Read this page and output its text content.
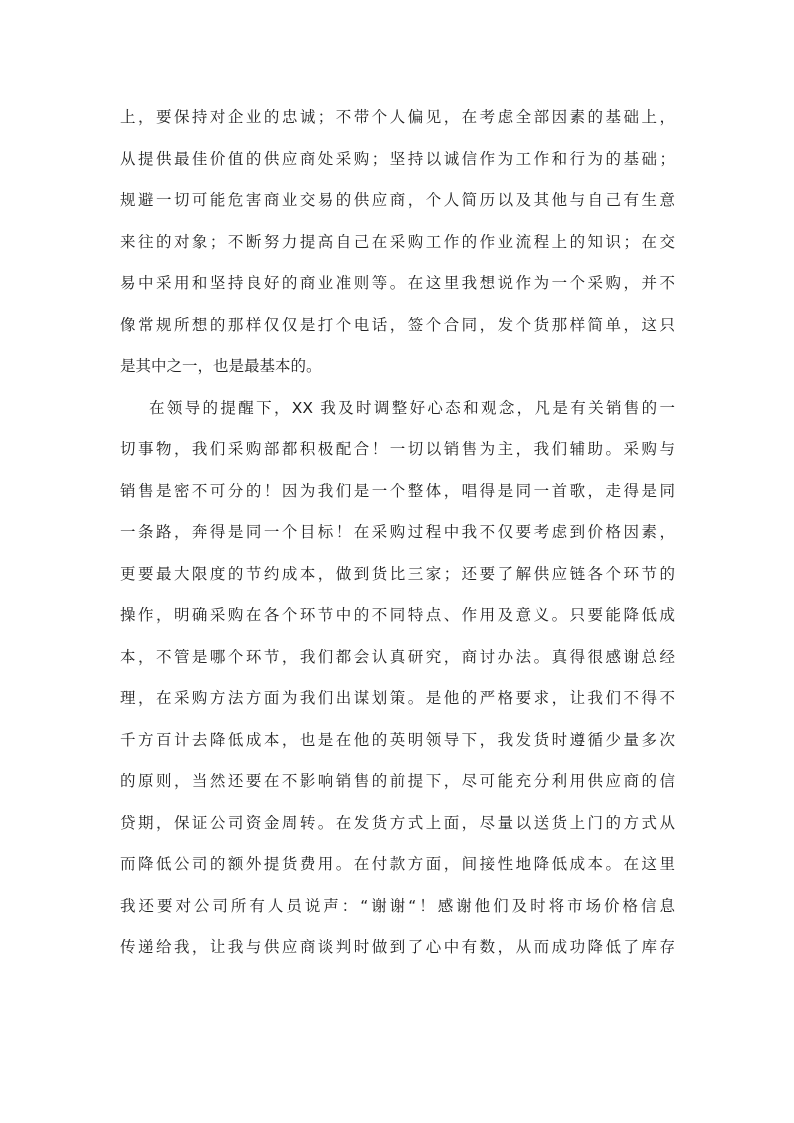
上，要保持对企业的忠诚；不带个人偏见，在考虑全部因素的基础上，
从提供最佳价值的供应商处采购；坚持以诚信作为工作和行为的基础；
规避一切可能危害商业交易的供应商，个人简历以及其他与自己有生意
来往的对象；不断努力提高自己在采购工作的作业流程上的知识；在交
易中采用和坚持良好的商业准则等。在这里我想说作为一个采购，并不
像常规所想的那样仅仅是打个电话，签个合同，发个货那样简单，这只
是其中之一，也是最基本的。
在领导的提醒下，XX 我及时调整好心态和观念，凡是有关销售的一
切事物，我们采购部都积极配合！一切以销售为主，我们辅助。采购与
销售是密不可分的！因为我们是一个整体，唱得是同一首歌，走得是同
一条路，奔得是同一个目标！在采购过程中我不仅要考虑到价格因素，
更要最大限度的节约成本，做到货比三家；还要了解供应链各个环节的
操作，明确采购在各个环节中的不同特点、作用及意义。只要能降低成
本，不管是哪个环节，我们都会认真研究，商讨办法。真得很感谢总经
理，在采购方法方面为我们出谋划策。是他的严格要求，让我们不得不
千方百计去降低成本，也是在他的英明领导下，我发货时遵循少量多次
的原则，当然还要在不影响销售的前提下，尽可能充分利用供应商的信
贷期，保证公司资金周转。在发货方式上面，尽量以送货上门的方式从
而降低公司的额外提货费用。在付款方面，间接性地降低成本。在这里
我还要对公司所有人员说声：“谢谢“！感谢他们及时将市场价格信息
传递给我，让我与供应商谈判时做到了心中有数，从而成功降低了库存
